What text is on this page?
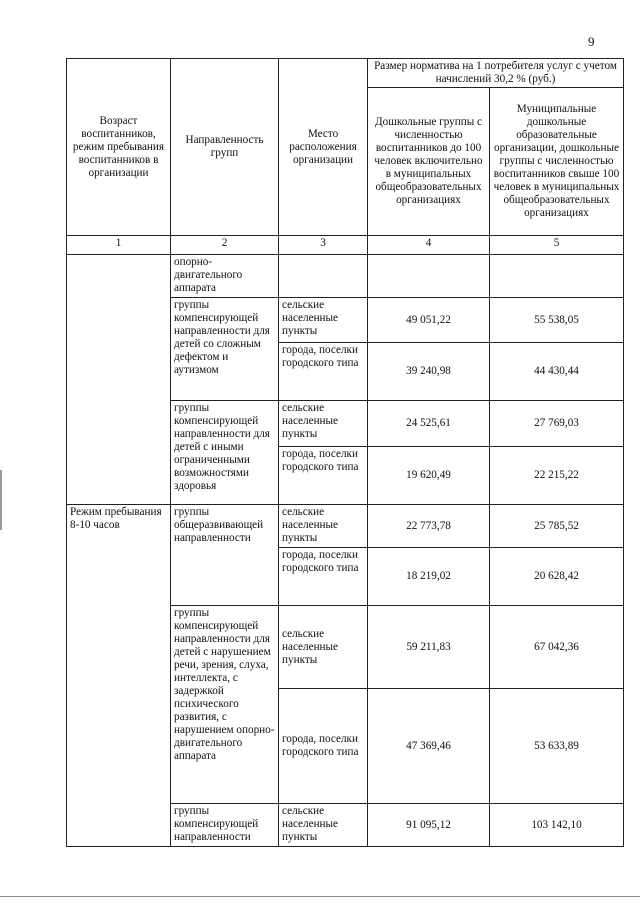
9
Возраст воспитанников, режим пребывания воспитанников в организации	Направленность групп	Место расположения организации	Размер норматива на 1 потребителя услуг с учетом начислений 30,2 % (руб.)	
			Дошкольные группы с численностью воспитанников до 100 человек включительно в муниципальных общеобразовательных организациях	Муниципальные дошкольные образовательные организации, дошкольные группы с численностью воспитанников свыше 100 человек в муниципальных общеобразовательных организациях
1	2	3	4	5
	опорно-двигательного аппарата			
	группы компенсирующей направленности для детей со сложным дефектом и аутизмом	сельские населенные пункты	49 051,22	55 538,05
		города, поселки городского типа	39 240,98	44 430,44
	группы компенсирующей направленности для детей с иными ограниченными возможностями здоровья	сельские населенные пункты	24 525,61	27 769,03
		города, поселки городского типа	19 620,49	22 215,22
Режим пребывания 8-10 часов	группы общеразвивающей направленности	сельские населенные пункты	22 773,78	25 785,52
		города, поселки городского типа	18 219,02	20 628,42
	группы компенсирующей направленности для детей с нарушением речи, зрения, слуха, интеллекта, с задержкой психического развития, с нарушением опорно-двигательного аппарата	сельские населенные пункты	59 211,83	67 042,36
		города, поселки городского типа	47 369,46	53 633,89
	группы компенсирующей направленности	сельские населенные пункты	91 095,12	103 142,10
